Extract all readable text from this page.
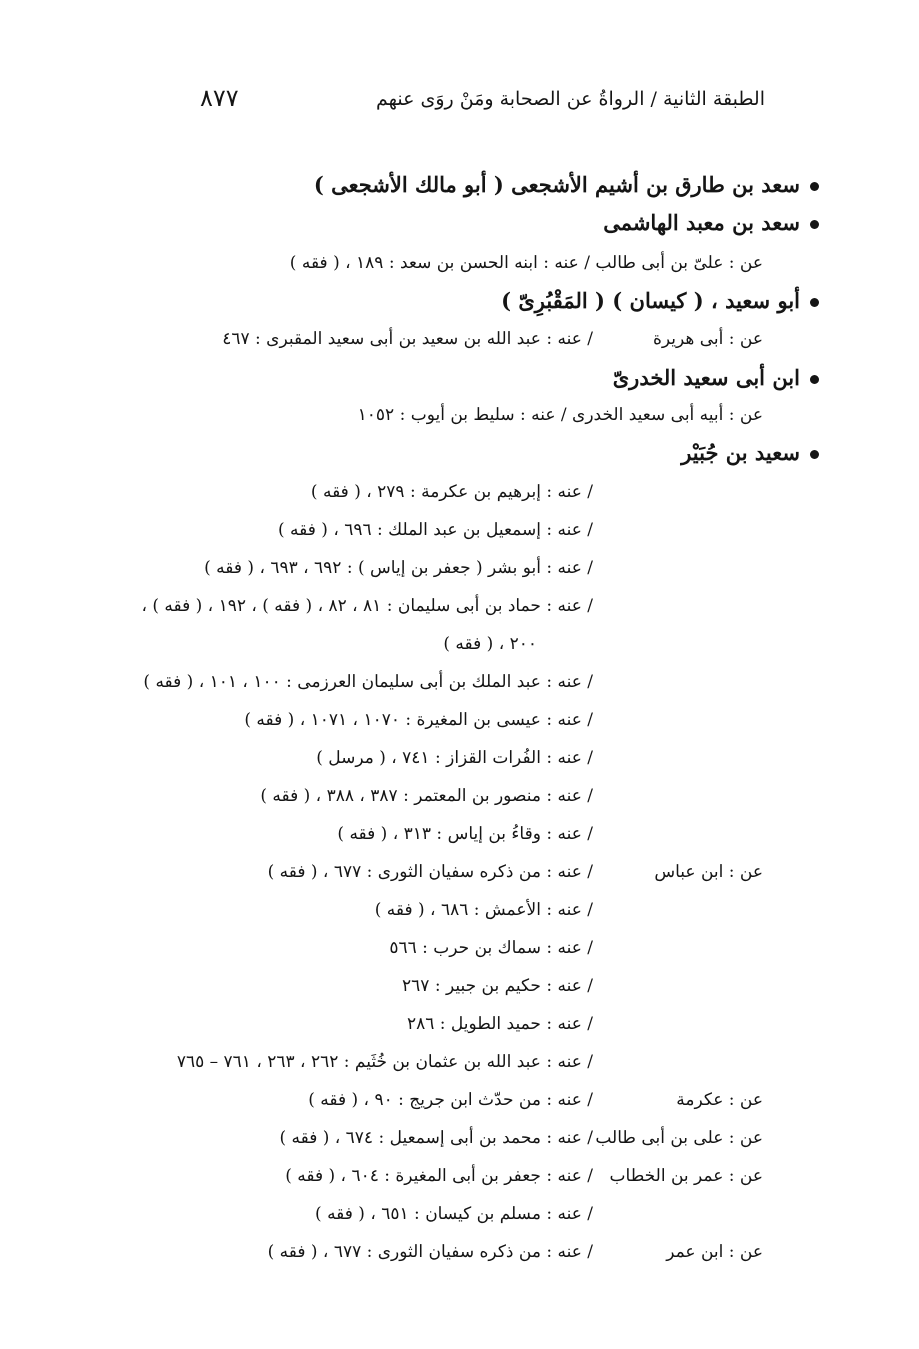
الطبقة الثانية / الرواةُ عن الصحابة ومَنْ روَى عنهم
٨٧٧
سعد بن طارق بن أشيم الأشجعى ( أبو مالك الأشجعى )
سعد بن معبد الهاشمى
عن : علىّ بن أبى طالب / عنه : ابنه الحسن بن سعد : ١٨٩ ، ( فقه )
أبو سعيد ، ( كيسان ) ( المَقْبُرِىّ )
عن : أبى هريرة
/ عنه : عبد الله بن سعيد بن أبى سعيد المقبرى : ٤٦٧
ابن أبى سعيد الخدرىّ
عن : أبيه أبى سعيد الخدرى / عنه : سليط بن أيوب : ١٠٥٢
سعيد بن جُبَيْر
/ عنه : إبرهيم بن عكرمة : ٢٧٩ ، ( فقه )
/ عنه : إسمعيل بن عبد الملك : ٦٩٦ ، ( فقه )
/ عنه : أبو بشر ( جعفر بن إياس ) : ٦٩٢ ، ٦٩٣ ، ( فقه )
/ عنه : حماد بن أبى سليمان : ٨١ ، ٨٢ ، ( فقه ) ، ١٩٢ ، ( فقه ) ،
٢٠٠ ، ( فقه )
/ عنه : عبد الملك بن أبى سليمان العرزمى : ١٠٠ ، ١٠١ ، ( فقه )
/ عنه : عيسى بن المغيرة : ١٠٧٠ ، ١٠٧١ ، ( فقه )
/ عنه : الفُرات القزاز : ٧٤١ ، ( مرسل )
/ عنه : منصور بن المعتمر : ٣٨٧ ، ٣٨٨ ، ( فقه )
/ عنه : وقاءُ بن إياس : ٣١٣ ، ( فقه )
عن : ابن عباس
/ عنه : من ذكره سفيان الثورى : ٦٧٧ ، ( فقه )
/ عنه : الأعمش : ٦٨٦ ، ( فقه )
/ عنه : سماك بن حرب : ٥٦٦
/ عنه : حكيم بن جبير : ٢٦٧
/ عنه : حميد الطويل : ٢٨٦
/ عنه : عبد الله بن عثمان بن خُثَيم : ٢٦٢ ، ٢٦٣ ، ٧٦١ – ٧٦٥
عن : عكرمة
/ عنه : من حدّث ابن جريج : ٩٠ ، ( فقه )
عن : على بن أبى طالب
/ عنه : محمد بن أبى إسمعيل : ٦٧٤ ، ( فقه )
عن : عمر بن الخطاب
/ عنه : جعفر بن أبى المغيرة : ٦٠٤ ، ( فقه )
/ عنه : مسلم بن كيسان : ٦٥١ ، ( فقه )
عن : ابن عمر
/ عنه : من ذكره سفيان الثورى : ٦٧٧ ، ( فقه )
